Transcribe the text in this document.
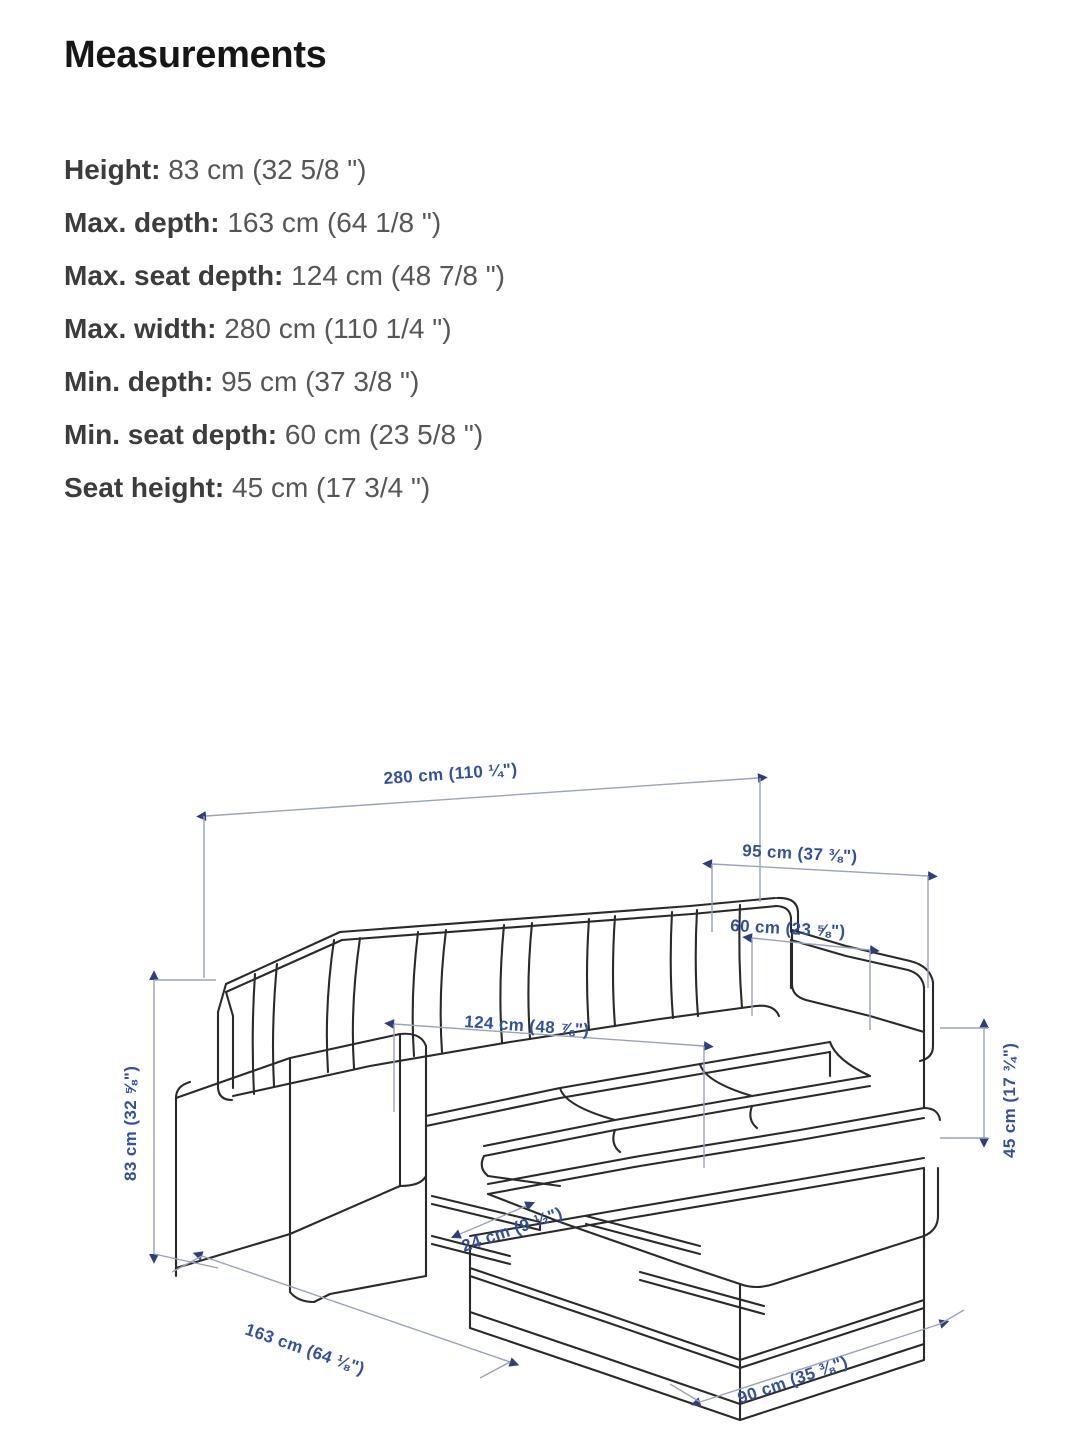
Measurements
Height: 83 cm (32 5/8 ")
Max. depth: 163 cm (64 1/8 ")
Max. seat depth: 124 cm (48 7/8 ")
Max. width: 280 cm (110 1/4 ")
Min. depth: 95 cm (37 3/8 ")
Min. seat depth: 60 cm (23 5/8 ")
Seat height: 45 cm (17 3/4 ")
280 cm (110 ¼")
95 cm (37 ⅜")
60 cm (23 ⅝")
124 cm (48 ⅞")
83 cm (32 ⅝")	45 cm (17 ¾")
163 cm (64 ⅛")
90 cm (35 ⅜")
24 cm (9 ½")
